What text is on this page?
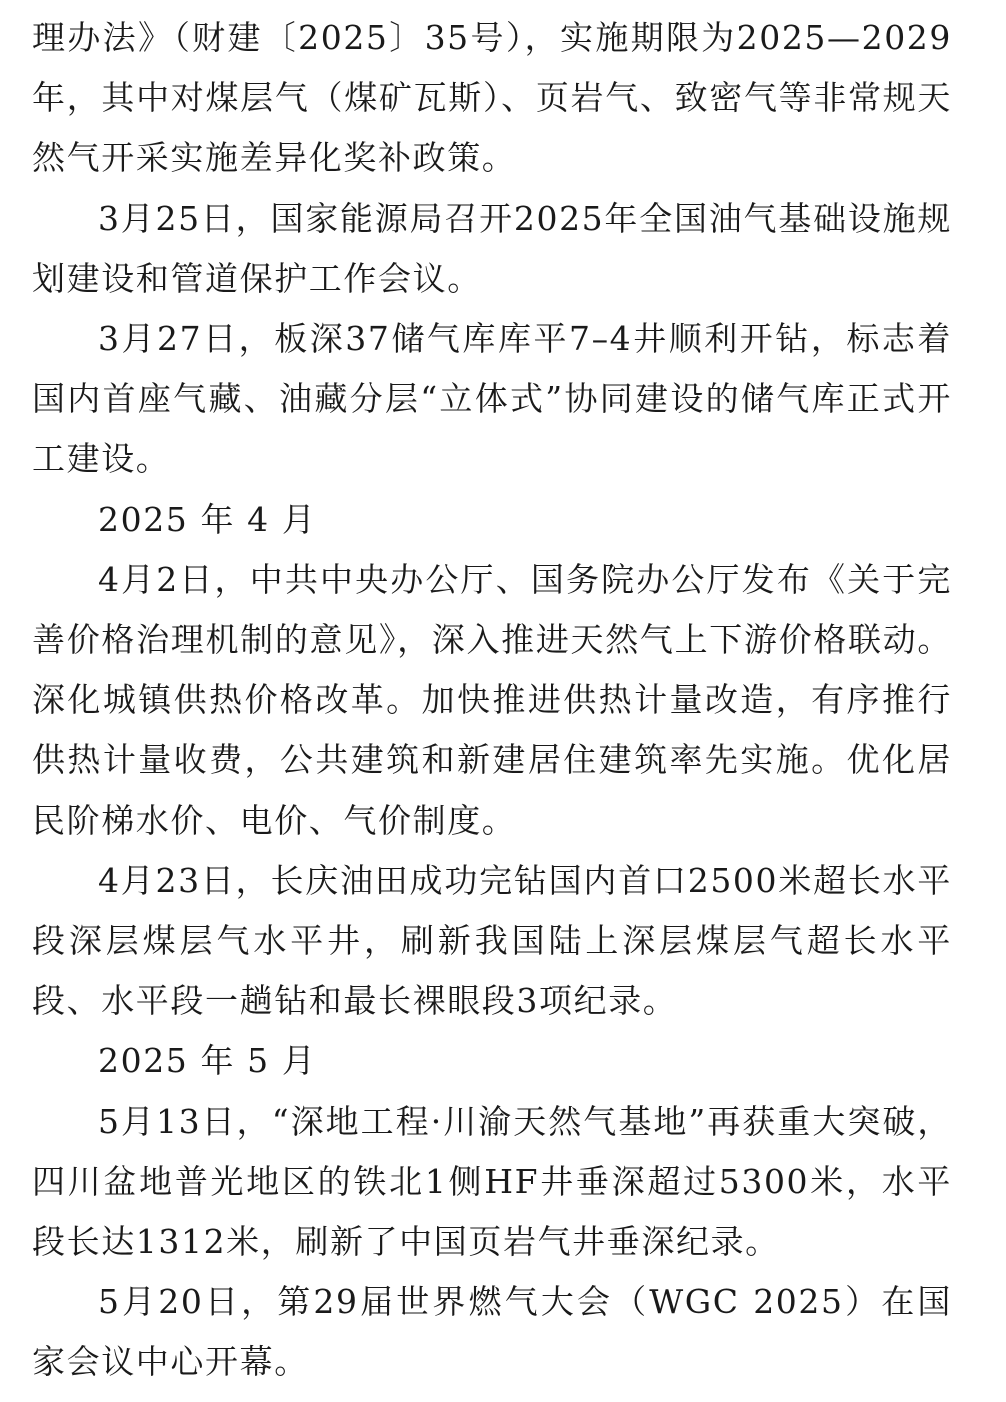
理办法》（财建〔2025〕35号），实施期限为2025—2029年，其中对煤层气（煤矿瓦斯）、页岩气、致密气等非常规天然气开采实施差异化奖补政策。

3月25日，国家能源局召开2025年全国油气基础设施规划建设和管道保护工作会议。

3月27日，板深37储气库库平7–4井顺利开钻，标志着国内首座气藏、油藏分层“立体式”协同建设的储气库正式开工建设。

2025 年 4 月

4月2日，中共中央办公厅、国务院办公厅发布《关于完善价格治理机制的意见》，深入推进天然气上下游价格联动。深化城镇供热价格改革。加快推进供热计量改造，有序推行供热计量收费，公共建筑和新建居住建筑率先实施。优化居民阶梯水价、电价、气价制度。

4月23日，长庆油田成功完钻国内首口2500米超长水平段深层煤层气水平井，刷新我国陆上深层煤层气超长水平段、水平段一趟钻和最长裸眼段3项纪录。

2025 年 5 月

5月13日，“深地工程·川渝天然气基地”再获重大突破，四川盆地普光地区的铁北1侧HF井垂深超过5300米，水平段长达1312米，刷新了中国页岩气井垂深纪录。

5月20日，第29届世界燃气大会（WGC 2025）在国家会议中心开幕。
